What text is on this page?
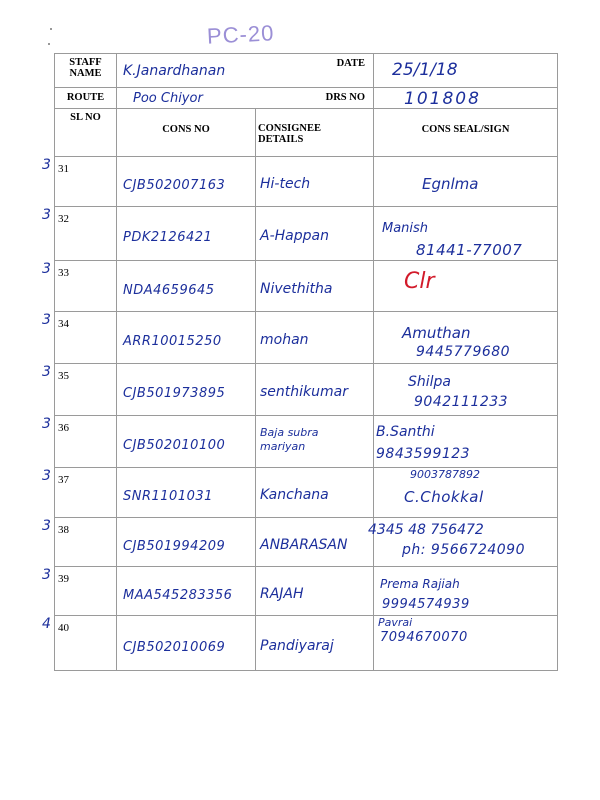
PC-20
STAFF NAME	K.Janardhanan DATE		25/1/18

ROUTE	Poo Chiyor DRS NO		101808

SL NO	CONS NO	CONSIGNEE DETAILS	CONS SEAL/SIGN

3 31	CJB502007163	Hi-tech	Egnlma

3 32	PDK2126421	A-Happan	Manish
81441-77007

3 33	NDA4659645	Nivethitha	Clr

3 34	ARR10015250	mohan	Amuthan
9445779680

3 35	CJB501973895	senthikumar	Shilpa
9042111233

3 36	CJB502010100	Baja subra mariyan	B.Santhi
9843599123

3 37	SNR1101031	Kanchana	9003787892
C.Chokkal

3 38	CJB501994209	ANBARASAN	4345 48 756472
ph: 9566724090

3 39	MAA545283356	RAJAH	Prema Rajiah
9994574939

4 40	CJB502010069	Pandiyaraj	Pavrai
7094670070
